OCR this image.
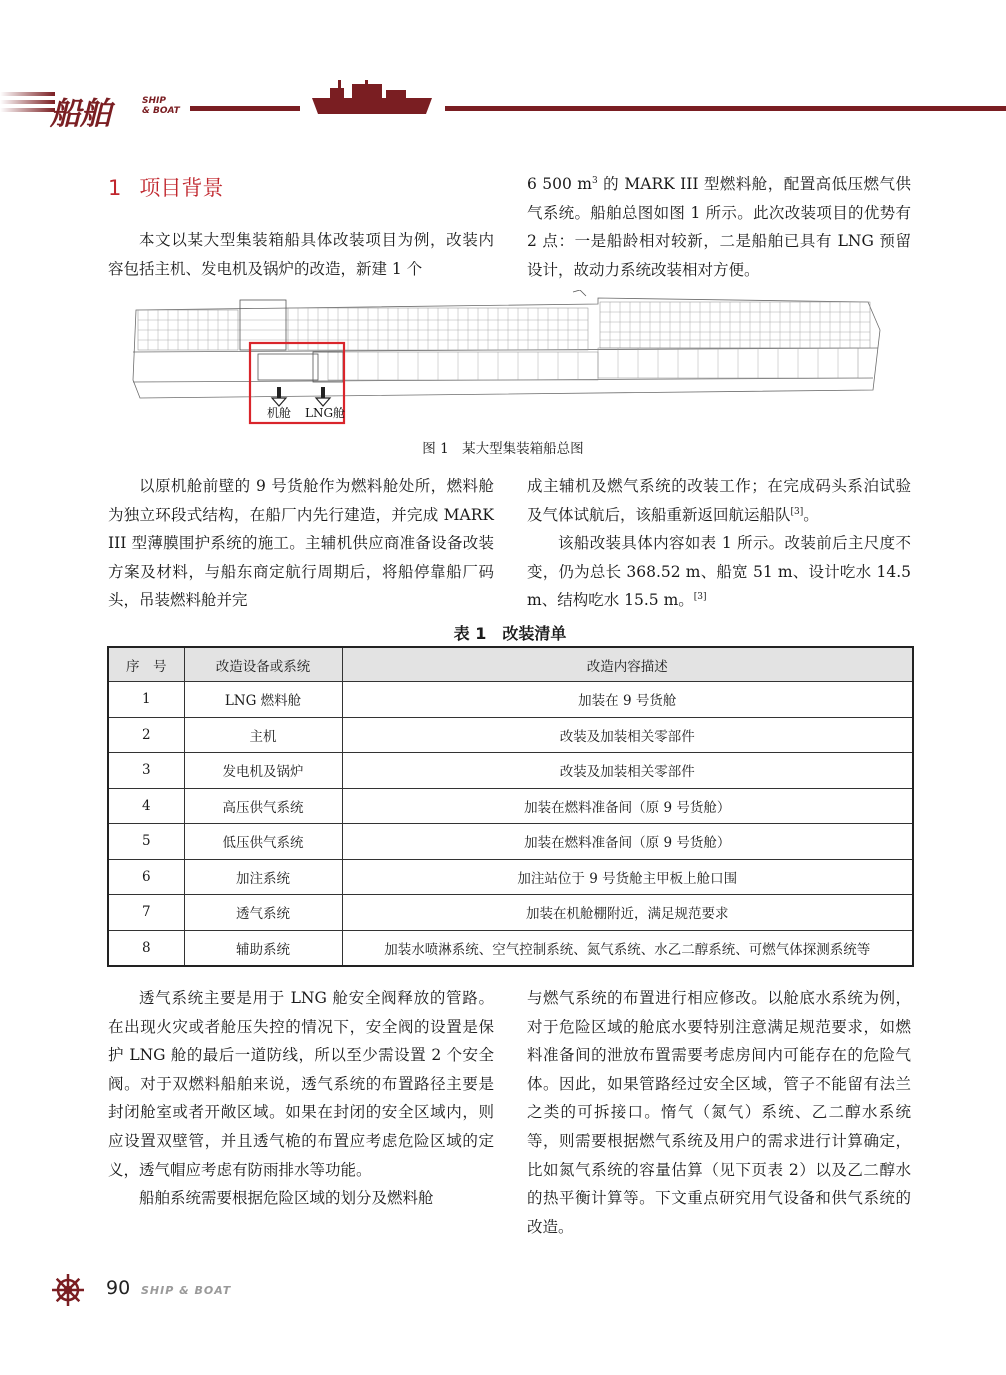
船舶	SHIP
& BOAT
1 项目背景

本文以某大型集装箱船具体改装项目为例，改装内容包括主机、发电机及锅炉的改造，新建 1 个

6 500 $m^3$ 的 MARK III 型燃料舱，配置高低压燃气供气系统。船舶总图如图 1 所示。此次改装项目的优势有 2 点：一是船龄相对较新，二是船舶已具有 LNG 预留设计，故动力系统改装相对方便。

机舱 LNG舱
图 1　某大型集装箱船总图

以原机舱前壁的 9 号货舱作为燃料舱处所，燃料舱为独立环段式结构，在船厂内先行建造，并完成 MARK III 型薄膜围护系统的施工。主辅机供应商准备设备改装方案及材料，与船东商定航行周期后，将船停靠船厂码头，吊装燃料舱并完

成主辅机及燃气系统的改装工作；在完成码头系泊试验及气体试航后，该船重新返回航运船队[3]。

该船改装具体内容如表 1 所示。改装前后主尺度不变，仍为总长 368.52 m、船宽 51 m、设计吃水 14.5 m、结构吃水 15.5 m。[3]

表 1　改装清单
序　号	改造设备或系统	改造内容描述
1	LNG 燃料舱	加装在 9 号货舱
2	主机	改装及加装相关零部件
3	发电机及锅炉	改装及加装相关零部件
4	高压供气系统	加装在燃料准备间（原 9 号货舱）
5	低压供气系统	加装在燃料准备间（原 9 号货舱）
6	加注系统	加注站位于 9 号货舱主甲板上舱口围
7	透气系统	加装在机舱棚附近，满足规范要求
8	辅助系统	加装水喷淋系统、空气控制系统、氮气系统、水乙二醇系统、可燃气体探测系统等

透气系统主要是用于 LNG 舱安全阀释放的管路。在出现火灾或者舱压失控的情况下，安全阀的设置是保护 LNG 舱的最后一道防线，所以至少需设置 2 个安全阀。对于双燃料船舶来说，透气系统的布置路径主要是封闭舱室或者开敞区域。如果在封闭的安全区域内，则应设置双壁管，并且透气桅的布置应考虑危险区域的定义，透气帽应考虑有防雨排水等功能。

船舶系统需要根据危险区域的划分及燃料舱

与燃气系统的布置进行相应修改。以舱底水系统为例，对于危险区域的舱底水要特别注意满足规范要求，如燃料准备间的泄放布置需要考虑房间内可能存在的危险气体。因此，如果管路经过安全区域，管子不能留有法兰之类的可拆接口。惰气（氮气）系统、乙二醇水系统等，则需要根据燃气系统及用户的需求进行计算确定，比如氮气系统的容量估算（见下页表 2）以及乙二醇水的热平衡计算等。下文重点研究用气设备和供气系统的改造。

90 SHIP & BOAT
